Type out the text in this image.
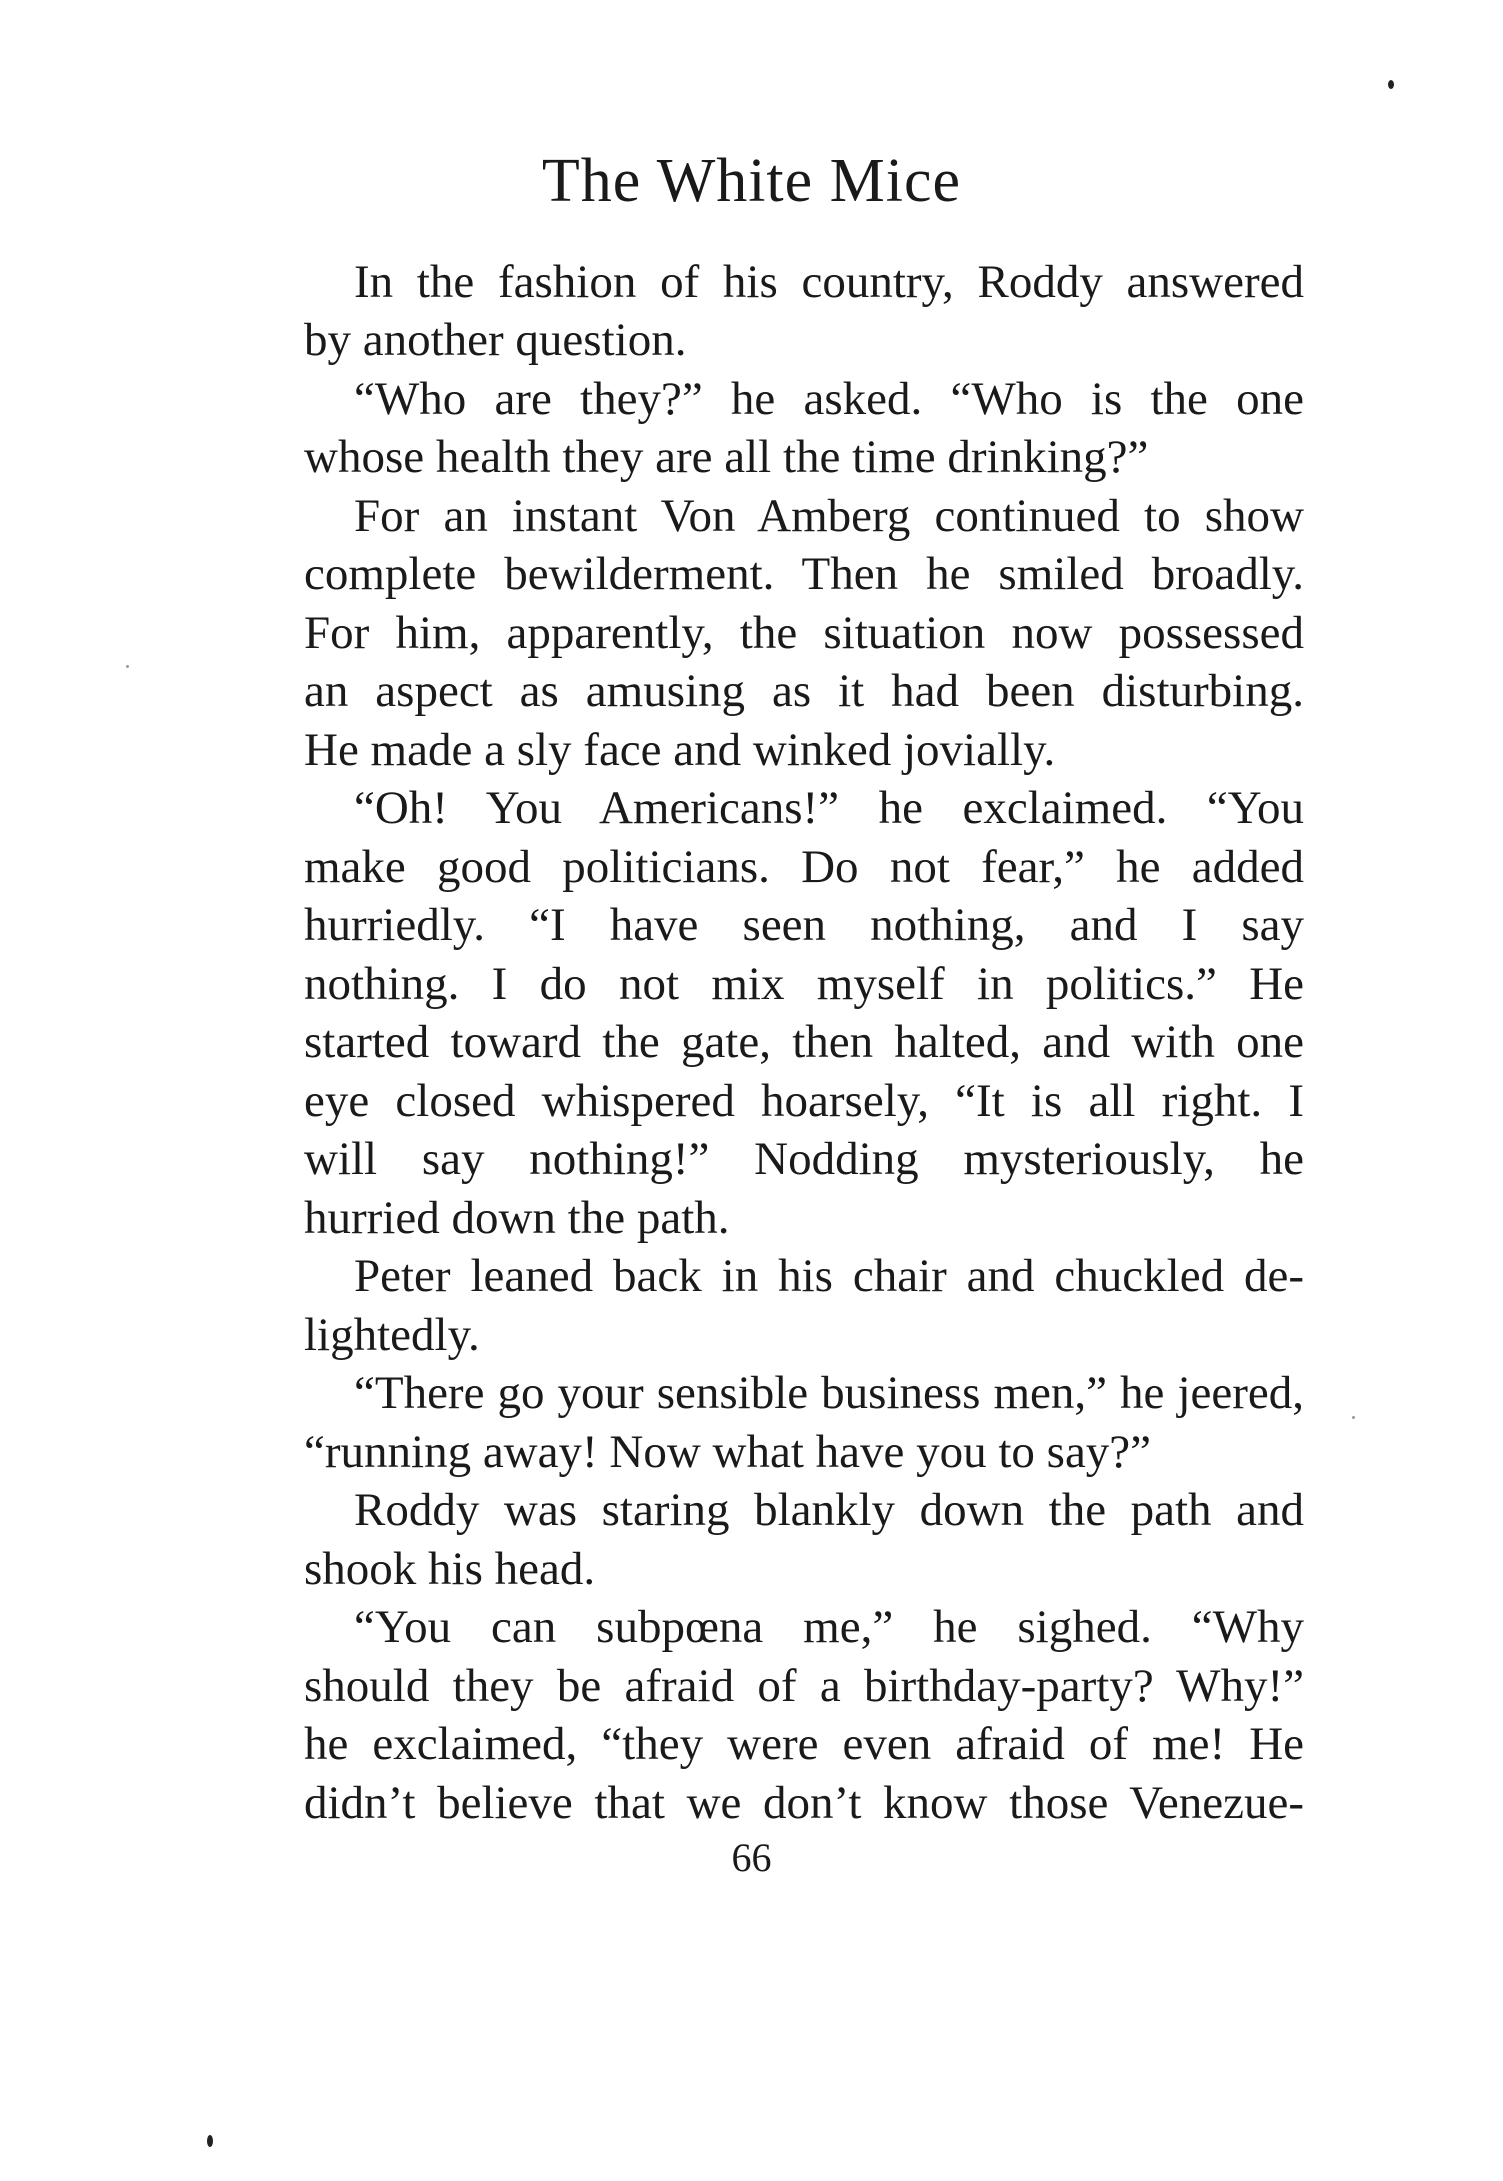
The White Mice
In the fashion of his country, Roddy answered
by another question.
“Who are they?” he asked. “Who is the one
whose health they are all the time drinking?”
For an instant Von Amberg continued to show
complete bewilderment. Then he smiled broadly.
For him, apparently, the situation now possessed
an aspect as amusing as it had been disturbing.
He made a sly face and winked jovially.
“Oh! You Americans!” he exclaimed. “You
make good politicians. Do not fear,” he added
hurriedly. “I have seen nothing, and I say
nothing. I do not mix myself in politics.” He
started toward the gate, then halted, and with one
eye closed whispered hoarsely, “It is all right. I
will say nothing!” Nodding mysteriously, he
hurried down the path.
Peter leaned back in his chair and chuckled de-
lightedly.
“There go your sensible business men,” he jeered,
“running away! Now what have you to say?”
Roddy was staring blankly down the path and
shook his head.
“You can subpœna me,” he sighed. “Why
should they be afraid of a birthday-party? Why!”
he exclaimed, “they were even afraid of me! He
didn’t believe that we don’t know those Venezue-
66
